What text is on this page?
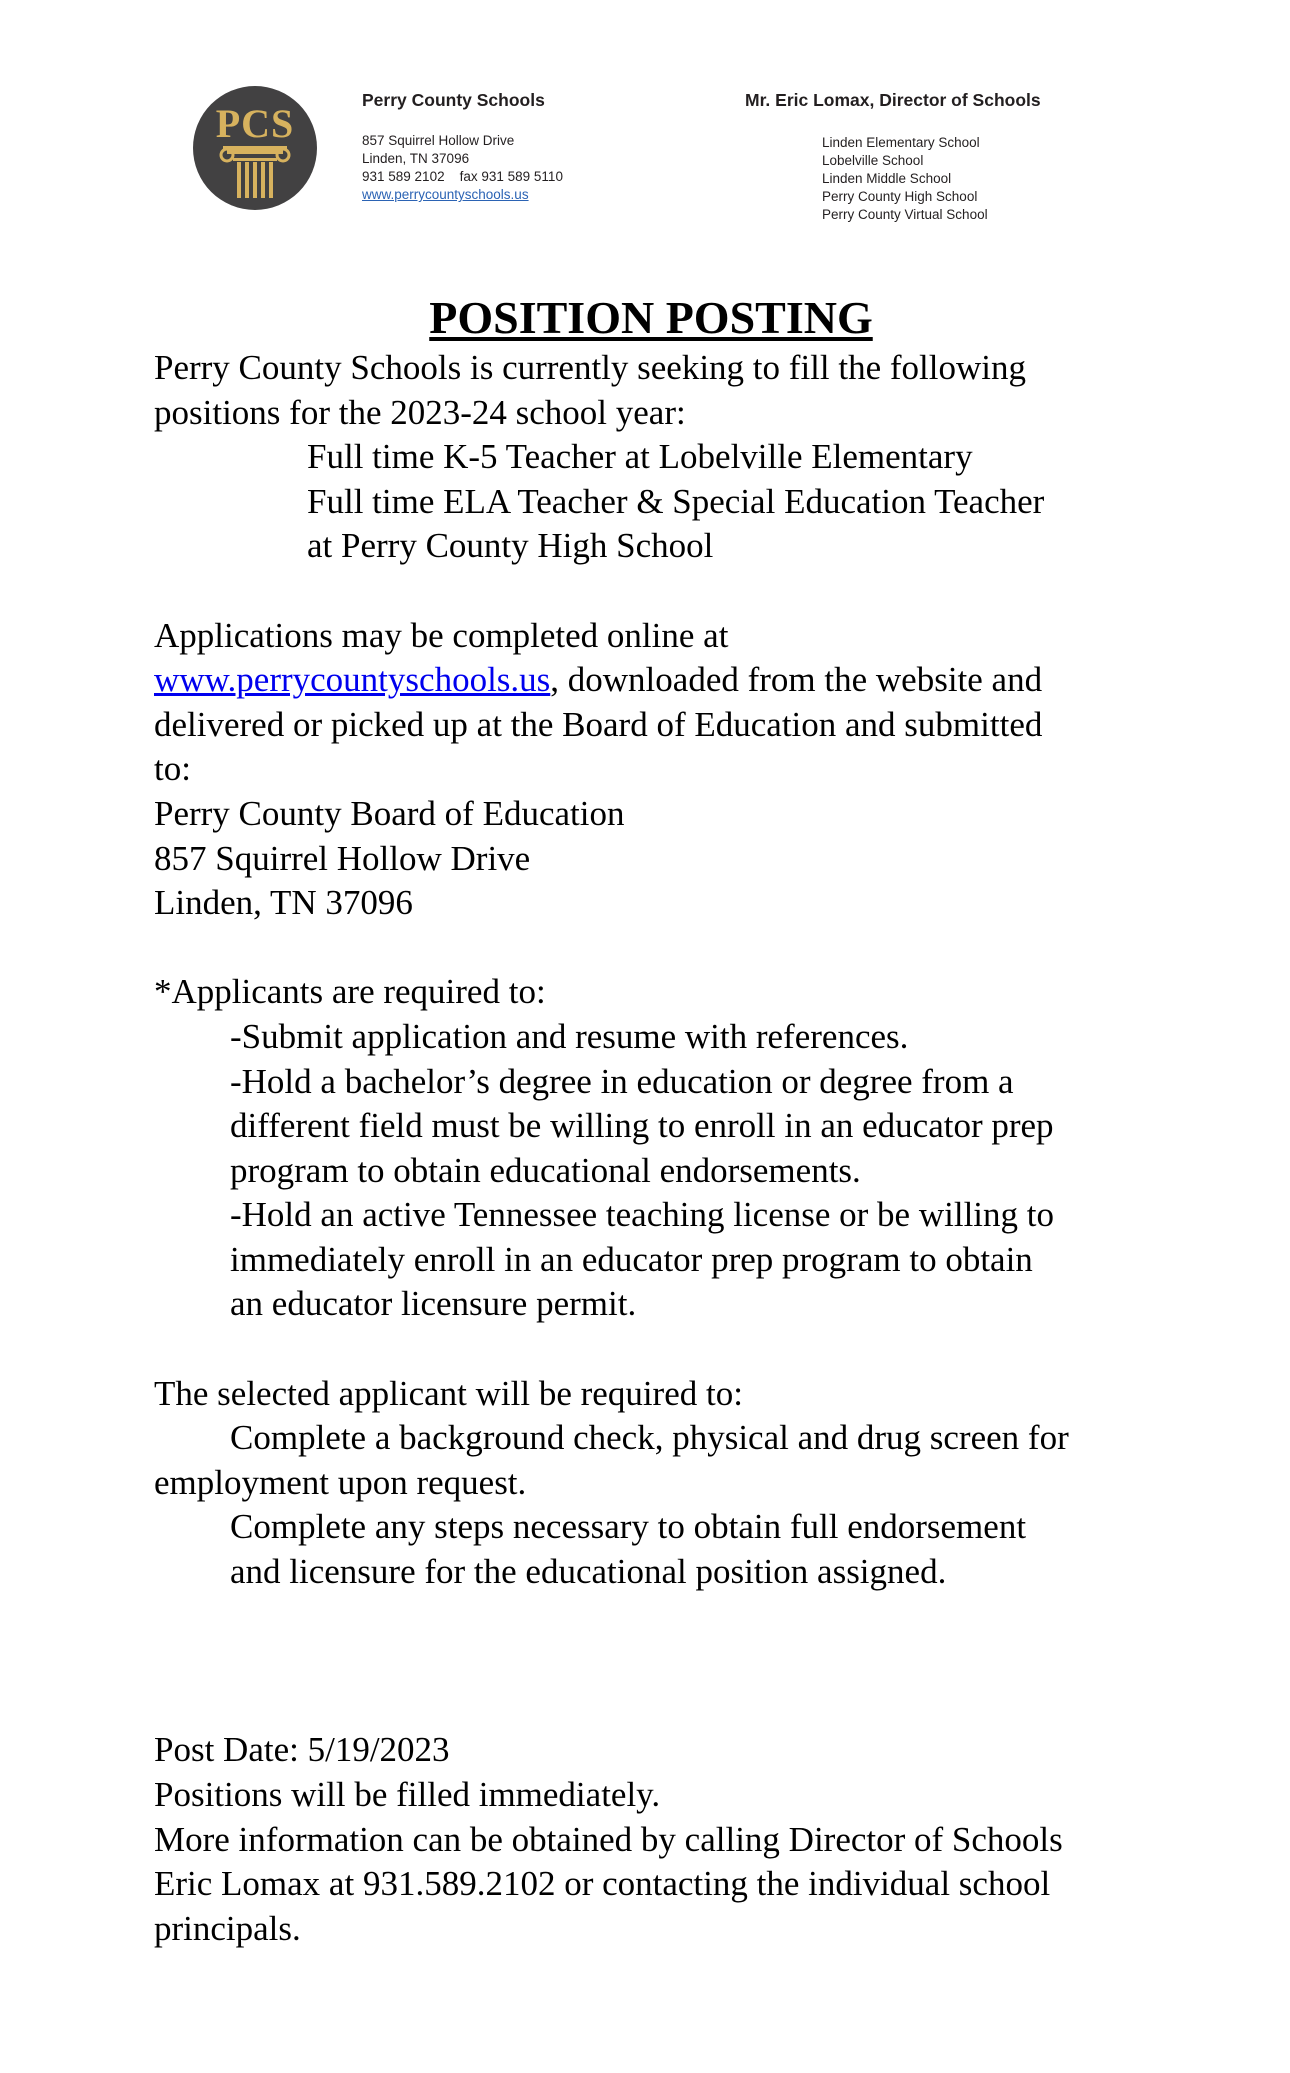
PCS
Perry County Schools
857 Squirrel Hollow Drive
Linden, TN 37096
931 589 2102 fax 931 589 5110
www.perrycountyschools.us
Mr. Eric Lomax, Director of Schools
Linden Elementary School
Lobelville School
Linden Middle School
Perry County High School
Perry County Virtual School
POSITION POSTING
Perry County Schools is currently seeking to fill the following
positions for the 2023-24 school year:
Full time K-5 Teacher at Lobelville Elementary
Full time ELA Teacher & Special Education Teacher
at Perry County High School
Applications may be completed online at
www.perrycountyschools.us, downloaded from the website and
delivered or picked up at the Board of Education and submitted
to:
Perry County Board of Education
857 Squirrel Hollow Drive
Linden, TN 37096
*Applicants are required to:
-Submit application and resume with references.
-Hold a bachelor’s degree in education or degree from a
different field must be willing to enroll in an educator prep
program to obtain educational endorsements.
-Hold an active Tennessee teaching license or be willing to
immediately enroll in an educator prep program to obtain
an educator licensure permit.
The selected applicant will be required to:
Complete a background check, physical and drug screen for
employment upon request.
Complete any steps necessary to obtain full endorsement
and licensure for the educational position assigned.
Post Date: 5/19/2023
Positions will be filled immediately.
More information can be obtained by calling Director of Schools
Eric Lomax at 931.589.2102 or contacting the individual school
principals.
